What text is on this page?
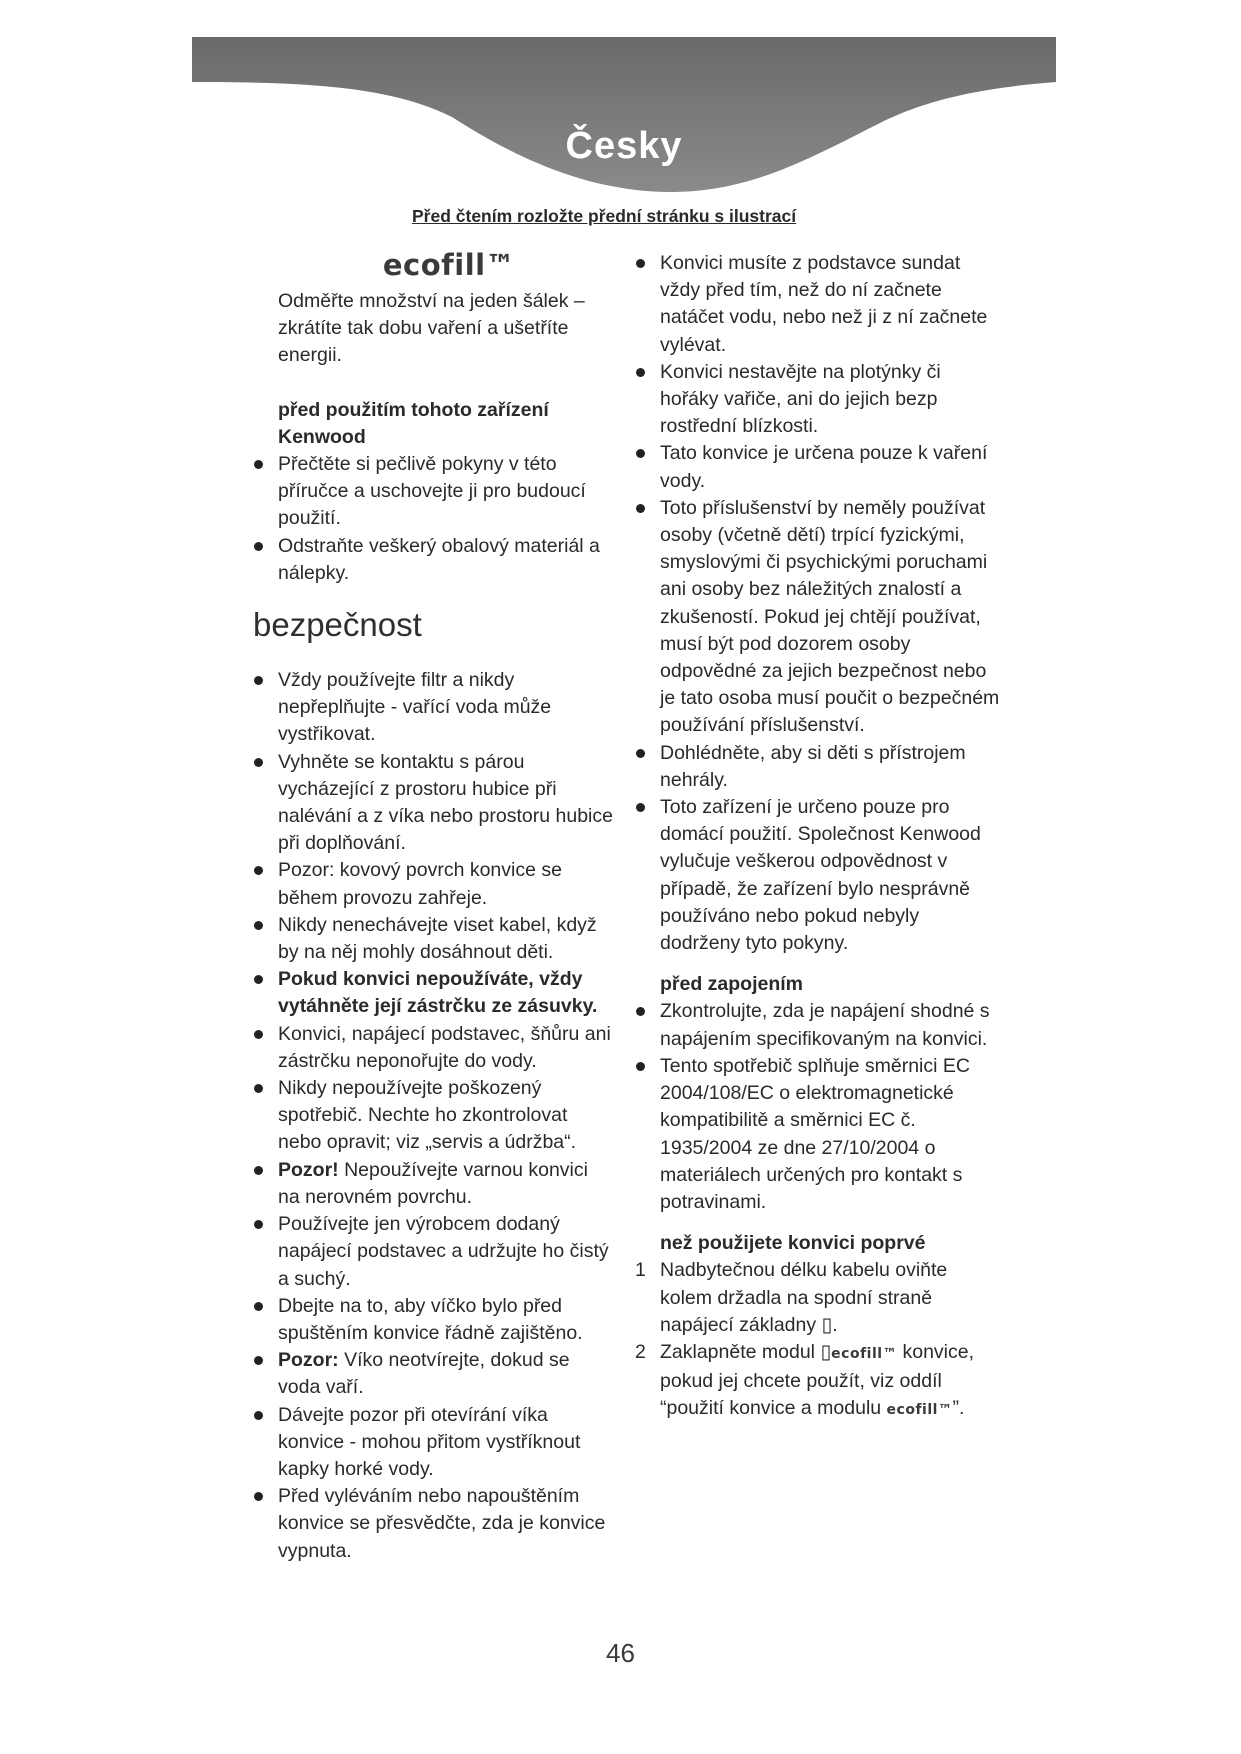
Česky
Před čtením rozložte přední stránku s ilustrací
ecofill™

Odměřte množství na jeden šálek – zkrátíte tak dobu vaření a ušetříte energii.

před použitím tohoto zařízení Kenwood

Přečtěte si pečlivě pokyny v této příručce a uschovejte ji pro budoucí použití.
Odstraňte veškerý obalový materiál a nálepky.
bezpečnost
Vždy používejte filtr a nikdy nepřeplňujte - vařící voda může vystřikovat.
Vyhněte se kontaktu s párou vycházející z prostoru hubice při nalévání a z víka nebo prostoru hubice při doplňování.
Pozor: kovový povrch konvice se během provozu zahřeje.
Nikdy nenechávejte viset kabel, když by na něj mohly dosáhnout děti.
Pokud konvici nepoužíváte, vždy vytáhněte její zástrčku ze zásuvky.
Konvici, napájecí podstavec, šňůru ani zástrčku neponořujte do vody.
Nikdy nepoužívejte poškozený spotřebič. Nechte ho zkontrolovat nebo opravit; viz „servis a údržba“.
Pozor! Nepoužívejte varnou konvici na nerovném povrchu.
Používejte jen výrobcem dodaný napájecí podstavec a udržujte ho čistý a suchý.
Dbejte na to, aby víčko bylo před spuštěním konvice řádně zajištěno.
Pozor: Víko neotvírejte, dokud se voda vaří.
Dávejte pozor při otevírání víka konvice - mohou přitom vystříknout kapky horké vody.
Před vyléváním nebo napouštěním konvice se přesvědčte, zda je konvice vypnuta.
Konvici musíte z podstavce sundat vždy před tím, než do ní začnete natáčet vodu, nebo než ji z ní začnete vylévat.
Konvici nestavějte na plotýnky či hořáky vařiče, ani do jejich bezp rostřední blízkosti.
Tato konvice je určena pouze k vaření vody.
Toto příslušenství by neměly používat osoby (včetně dětí) trpící fyzickými, smyslovými či psychickými poruchami ani osoby bez náležitých znalostí a zkušeností. Pokud jej chtějí používat, musí být pod dozorem osoby odpovědné za jejich bezpečnost nebo je tato osoba musí poučit o bezpečném používání příslušenství.
Dohlédněte, aby si děti s přístrojem nehrály.
Toto zařízení je určeno pouze pro domácí použití. Společnost Kenwood vylučuje veškerou odpovědnost v případě, že zařízení bylo nesprávně používáno nebo pokud nebyly dodrženy tyto pokyny.

před zapojením

Zkontrolujte, zda je napájení shodné s napájením specifikovaným na konvici.
Tento spotřebič splňuje směrnici EC 2004/108/EC o elektromagnetické kompatibilitě a směrnici EC č. 1935/2004 ze dne 27/10/2004 o materiálech určených pro kontakt s potravinami.

než použijete konvici poprvé

1 Nadbytečnou délku kabelu oviňte kolem držadla na spodní straně napájecí základny ▯.
2 Zaklapněte modul ▯ecofill™ konvice, pokud jej chcete použít, viz oddíl “použití konvice a modulu ecofill™”.
46
